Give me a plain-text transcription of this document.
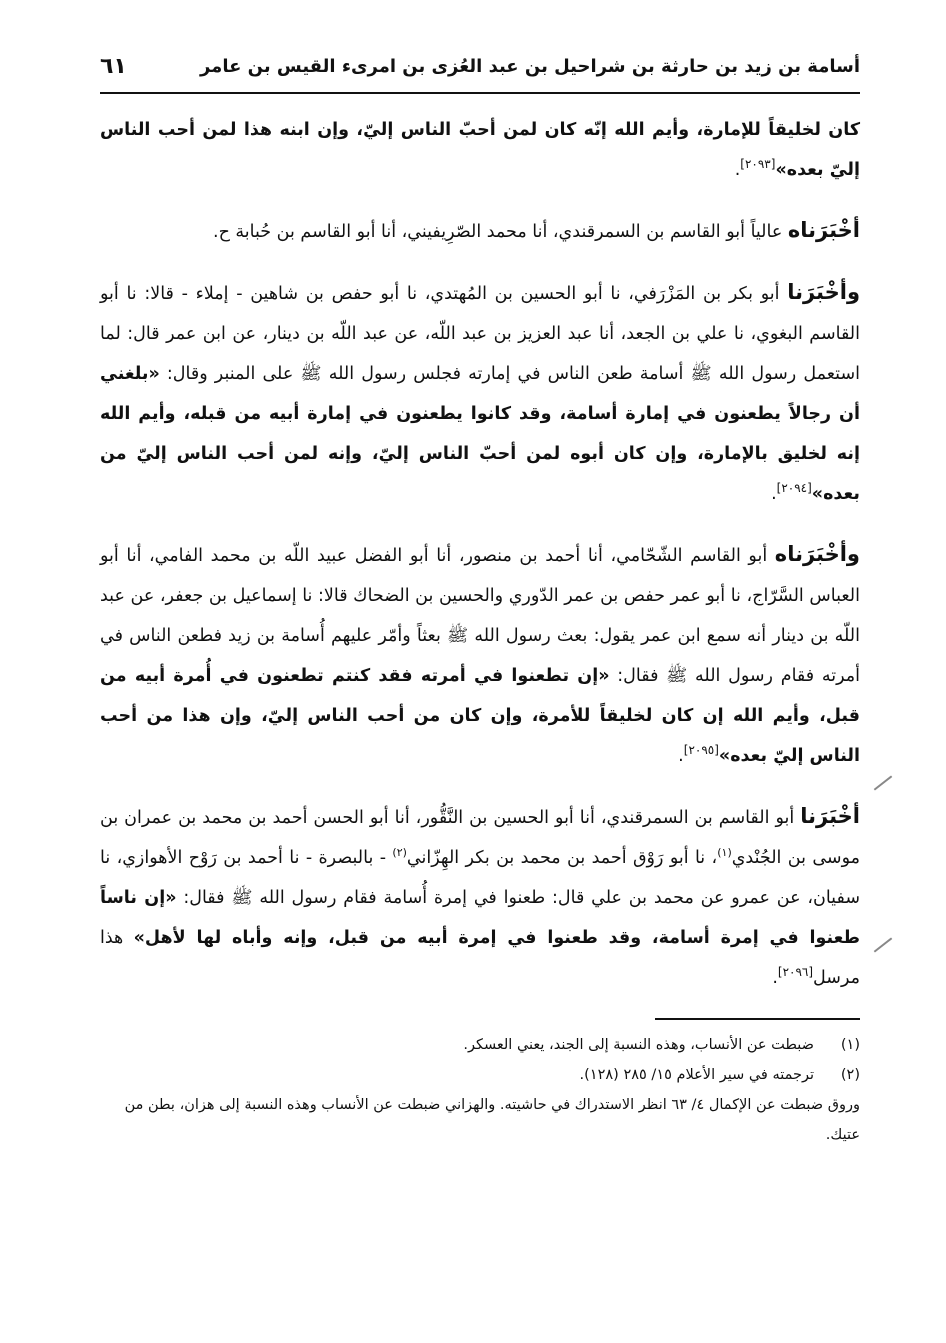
أسامة بن زيد بن حارثة بن شراحيل بن عبد العُزى بن امرىء القيس بن عامر
٦١

كان لخليقاً للإمارة، وأيم الله إنّه كان لمن أحبّ الناس إليّ، وإن ابنه هذا لمن أحب الناس إليّ بعده»[٢٠٩٣].

أخْبَرَناه عالياً أبو القاسم بن السمرقندي، أنا محمد الصّرِيفيني، أنا أبو القاسم بن حُبابة ح.

وأخْبَرَنا أبو بكر بن المَزْرَفي، نا أبو الحسين بن المُهتدي، نا أبو حفص بن شاهين - إملاء - قالا: نا أبو القاسم البغوي، نا علي بن الجعد، أنا عبد العزيز بن عبد اللّه، عن عبد اللّه بن دينار، عن ابن عمر قال: لما استعمل رسول الله ﷺ أسامة طعن الناس في إمارته فجلس رسول الله ﷺ على المنبر وقال: «بلغني أن رجالاً يطعنون في إمارة أسامة، وقد كانوا يطعنون في إمارة أبيه من قبله، وأيم الله إنه لخليق بالإمارة، وإن كان أبوه لمن أحبّ الناس إليّ، وإنه لمن أحب الناس إليّ من بعده»[٢٠٩٤].

وأخْبَرَناه أبو القاسم الشّحّامي، أنا أحمد بن منصور، أنا أبو الفضل عبيد اللّه بن محمد الفامي، أنا أبو العباس السَّرّاج، نا أبو عمر حفص بن عمر الدّوري والحسين بن الضحاك قالا: نا إسماعيل بن جعفر، عن عبد اللّه بن دينار أنه سمع ابن عمر يقول: بعث رسول الله ﷺ بعثاً وأمّر عليهم أُسامة بن زيد فطعن الناس في أمرته فقام رسول الله ﷺ فقال: «إن تطعنوا في أمرته فقد كنتم تطعنون في أُمرة أبيه من قبل، وأيم الله إن كان لخليقاً للأمرة، وإن كان من أحب الناس إليّ، وإن هذا من أحب الناس إليّ بعده»[٢٠٩٥].

أخْبَرَنا أبو القاسم بن السمرقندي، أنا أبو الحسين بن النَّقُّور، أنا أبو الحسن أحمد بن محمد بن عمران بن موسى بن الجُنْدي$^{(١)}$، نا أبو رَوْق أحمد بن محمد بن بكر الهِزّاني$^{(٢)}$ - بالبصرة - نا أحمد بن رَوْح الأهوازي، نا سفيان، عن عمرو عن محمد بن علي قال: طعنوا في إمرة أُسامة فقام رسول الله ﷺ فقال: «إن ناساً طعنوا في إمرة أسامة، وقد طعنوا في إمرة أبيه من قبل، وإنه وأباه لها لأهل» هذا مرسل[٢٠٩٦].

(١)
ضبطت عن الأنساب، وهذه النسبة إلى الجند، يعني العسكر.
(٢)
ترجمته في سير الأعلام ١٥/ ٢٨٥ (١٢٨).

وروق ضبطت عن الإكمال ٤/ ٦٣ انظر الاستدراك في حاشيته. والهزاني ضبطت عن الأنساب وهذه النسبة إلى هزان، بطن من عتيك.
